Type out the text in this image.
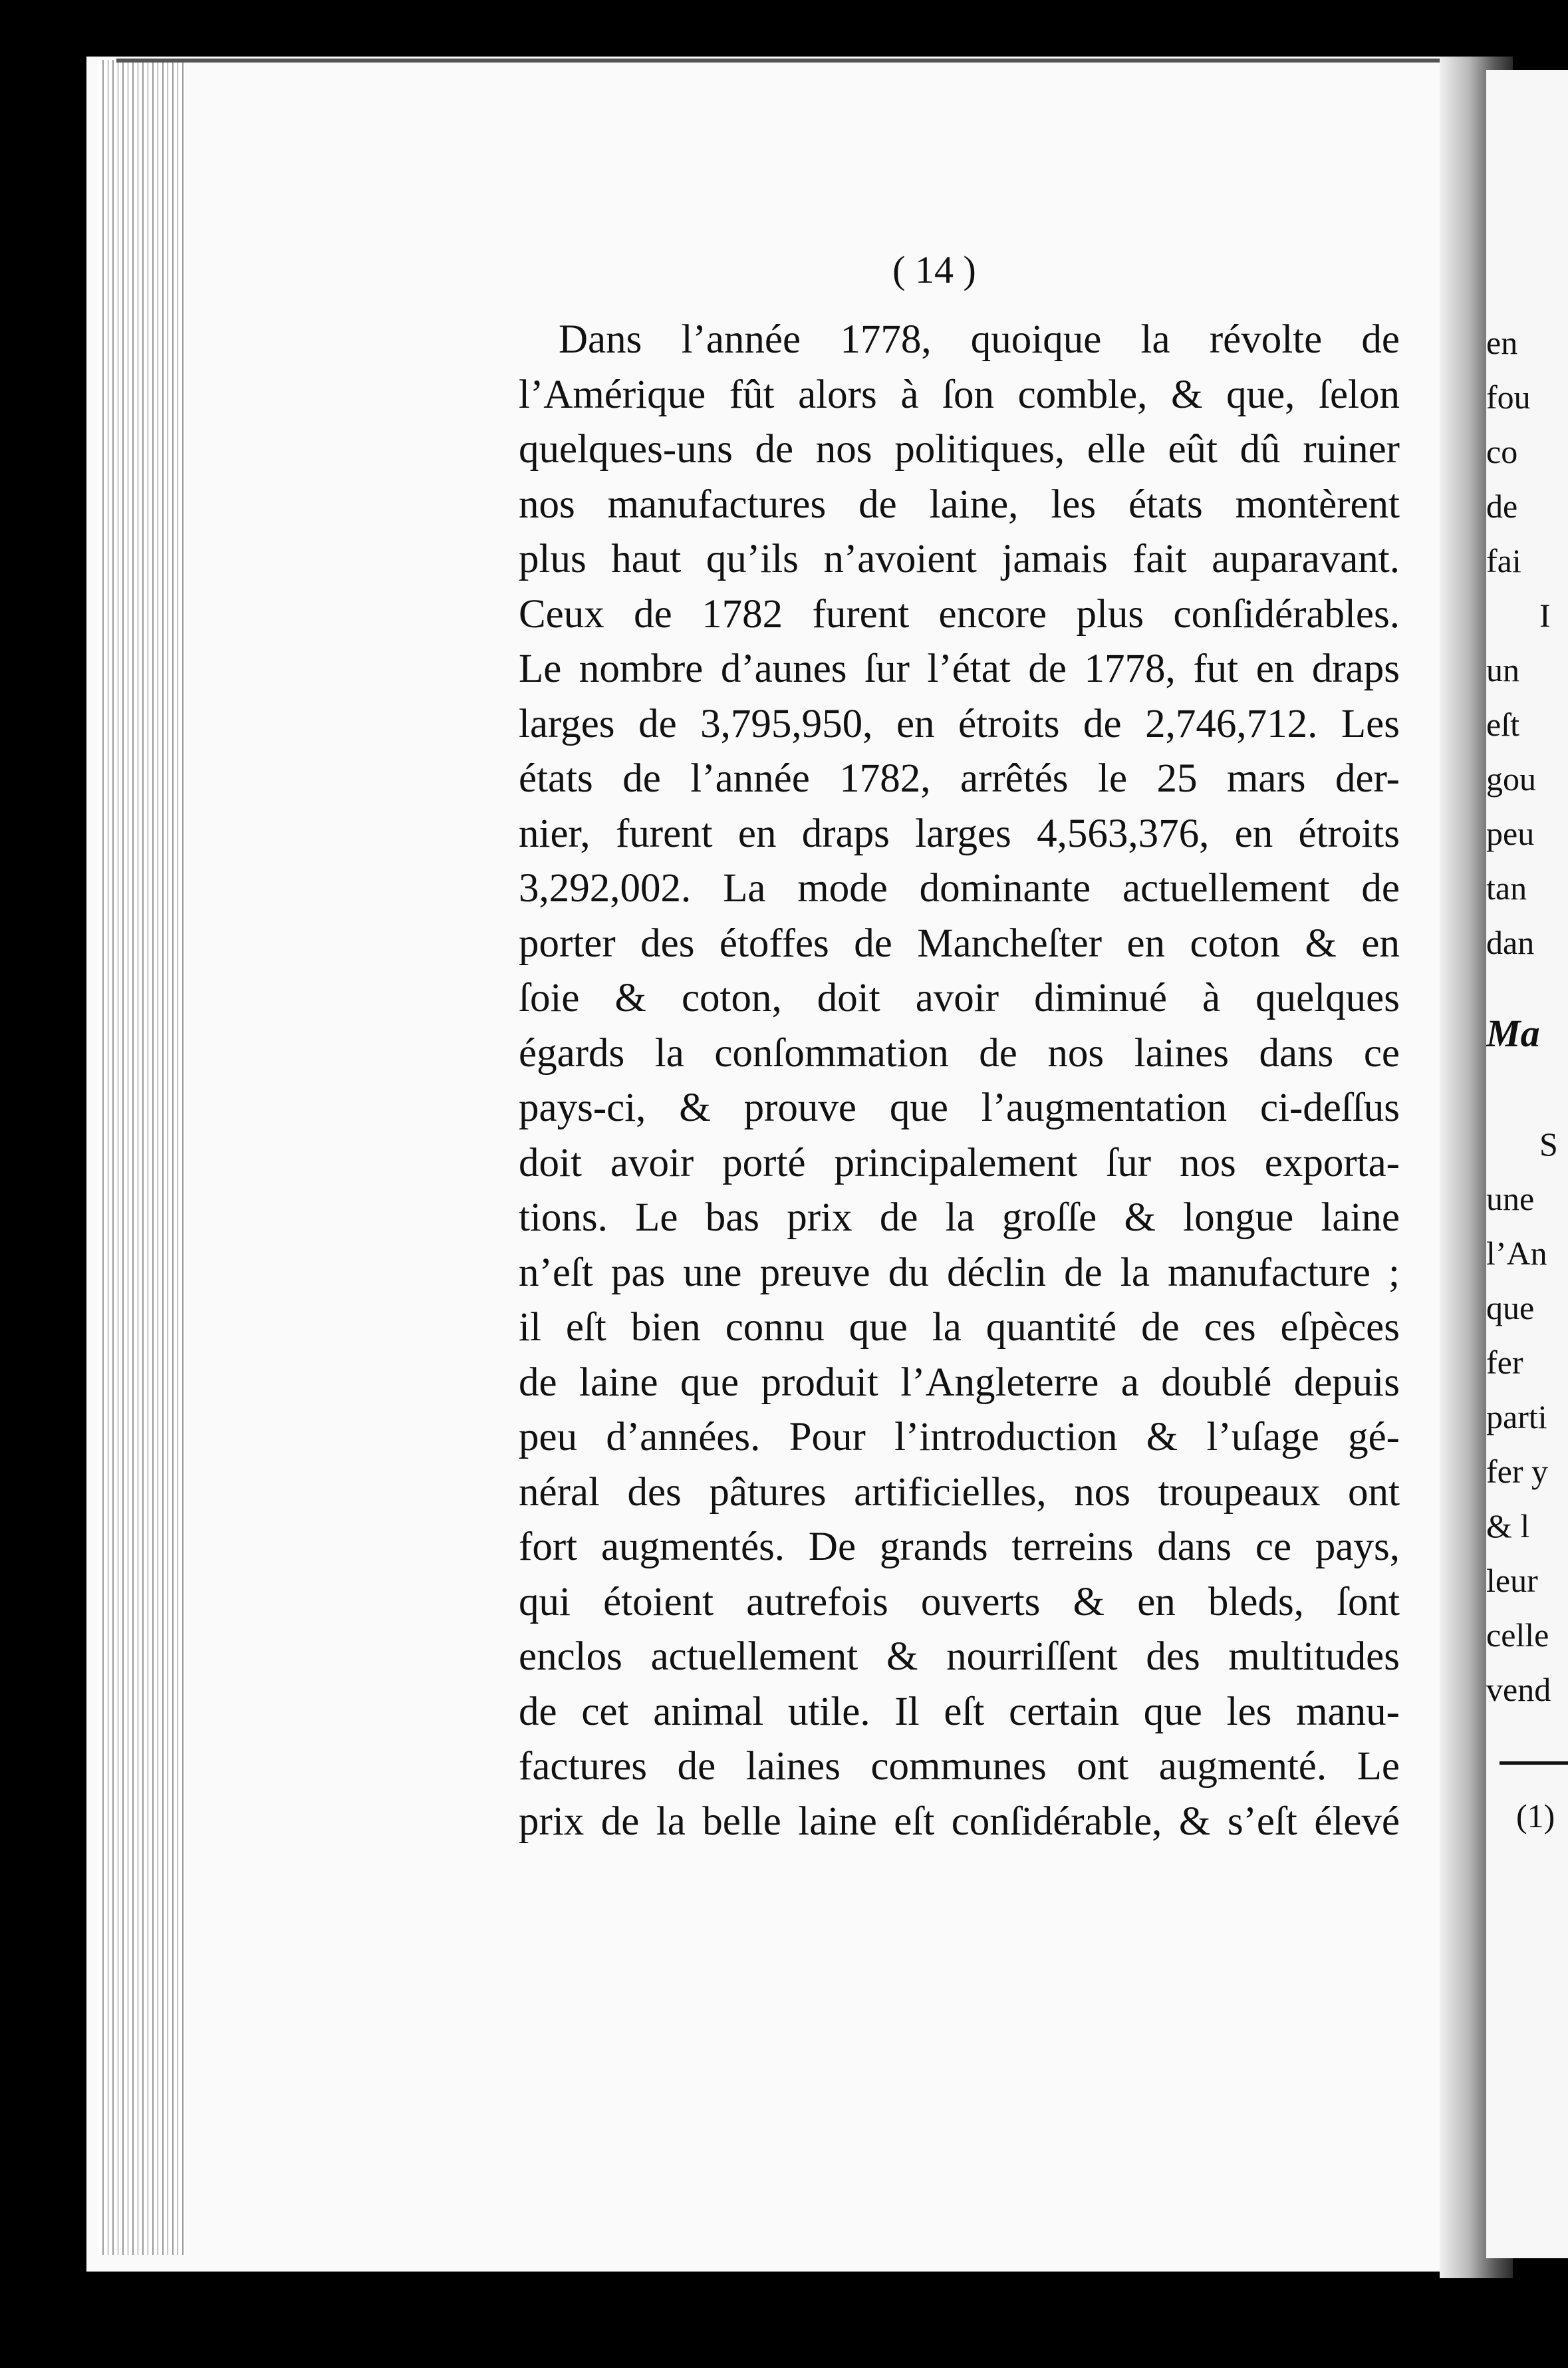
en
fou
co
de
fai
I
un
eſt
gou
peu
tan
dan
Ma
S
une
l’An
que
fer
parti
fer y
& l
leur
celle
vend
(1)
( 14 )
Dans l’année 1778, quoique la révolte de
l’Amérique fût alors à ſon comble, & que, ſelon
quelques-uns de nos politiques, elle eût dû ruiner
nos manufactures de laine, les états montèrent
plus haut qu’ils n’avoient jamais fait auparavant.
Ceux de 1782 furent encore plus conſidérables.
Le nombre d’aunes ſur l’état de 1778, fut en draps
larges de 3,795,950, en étroits de 2,746,712. Les
états de l’année 1782, arrêtés le 25 mars der-
nier, furent en draps larges 4,563,376, en étroits
3,292,002. La mode dominante actuellement de
porter des étoffes de Mancheſter en coton & en
ſoie & coton, doit avoir diminué à quelques
égards la conſommation de nos laines dans ce
pays-ci, & prouve que l’augmentation ci-deſſus
doit avoir porté principalement ſur nos exporta-
tions. Le bas prix de la groſſe & longue laine
n’eſt pas une preuve du déclin de la manufacture ;
il eſt bien connu que la quantité de ces eſpèces
de laine que produit l’Angleterre a doublé depuis
peu d’années. Pour l’introduction & l’uſage gé-
néral des pâtures artificielles, nos troupeaux ont
fort augmentés. De grands terreins dans ce pays,
qui étoient autrefois ouverts & en bleds, ſont
enclos actuellement & nourriſſent des multitudes
de cet animal utile. Il eſt certain que les manu-
factures de laines communes ont augmenté. Le
prix de la belle laine eſt conſidérable, & s’eſt élevé
